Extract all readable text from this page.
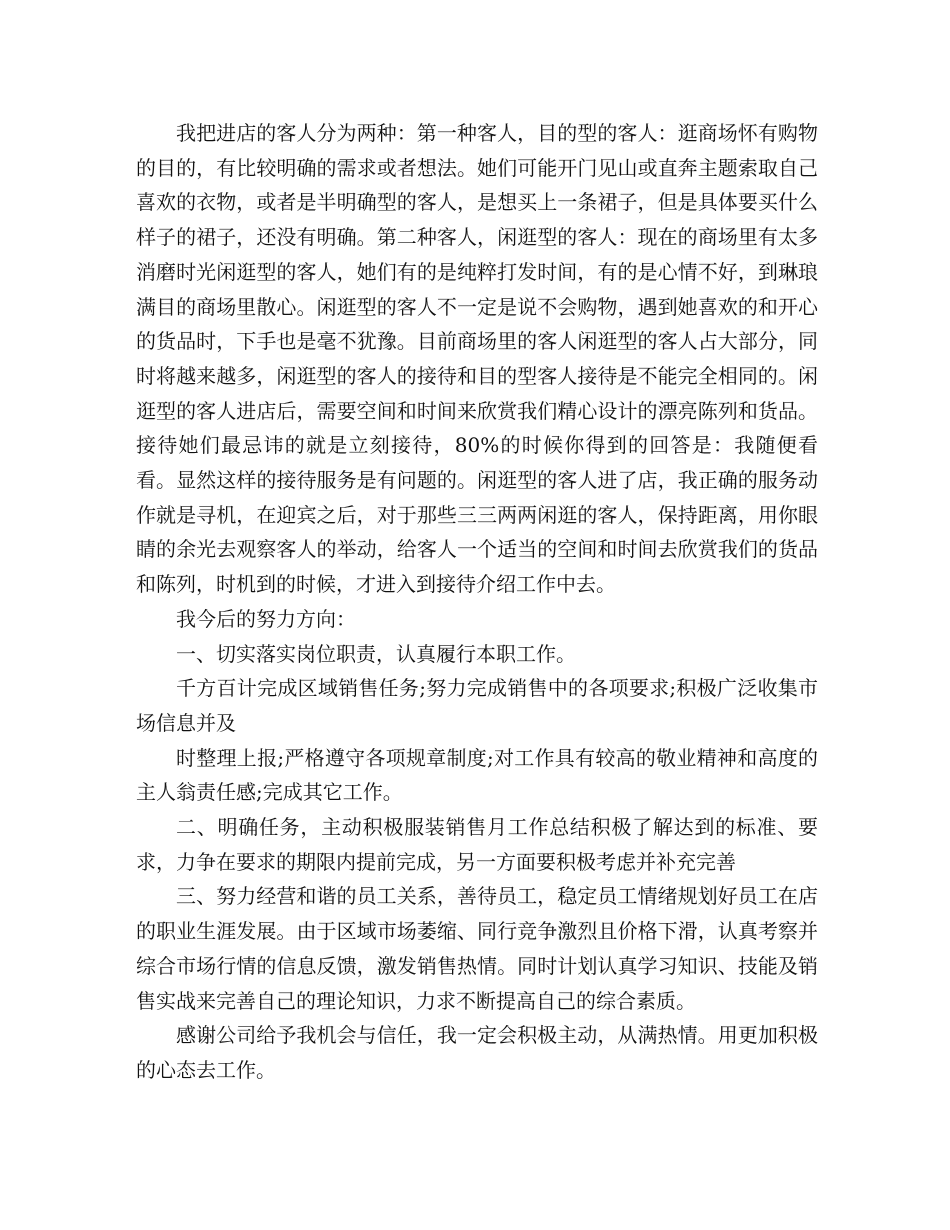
我把进店的客人分为两种：第一种客人，目的型的客人：逛商场怀有购物的目的，有比较明确的需求或者想法。她们可能开门见山或直奔主题索取自己喜欢的衣物，或者是半明确型的客人，是想买上一条裙子，但是具体要买什么样子的裙子，还没有明确。第二种客人，闲逛型的客人：现在的商场里有太多消磨时光闲逛型的客人，她们有的是纯粹打发时间，有的是心情不好，到琳琅满目的商场里散心。闲逛型的客人不一定是说不会购物，遇到她喜欢的和开心的货品时，下手也是毫不犹豫。目前商场里的客人闲逛型的客人占大部分，同时将越来越多，闲逛型的客人的接待和目的型客人接待是不能完全相同的。闲逛型的客人进店后，需要空间和时间来欣赏我们精心设计的漂亮陈列和货品。接待她们最忌讳的就是立刻接待，80%的时候你得到的回答是：我随便看看。显然这样的接待服务是有问题的。闲逛型的客人进了店，我正确的服务动作就是寻机，在迎宾之后，对于那些三三两两闲逛的客人，保持距离，用你眼睛的余光去观察客人的举动，给客人一个适当的空间和时间去欣赏我们的货品和陈列，时机到的时候，才进入到接待介绍工作中去。

我今后的努力方向：

一、切实落实岗位职责，认真履行本职工作。

千方百计完成区域销售任务;努力完成销售中的各项要求;积极广泛收集市场信息并及

时整理上报;严格遵守各项规章制度;对工作具有较高的敬业精神和高度的主人翁责任感;完成其它工作。

二、明确任务，主动积极服装销售月工作总结积极了解达到的标准、要求，力争在要求的期限内提前完成，另一方面要积极考虑并补充完善

三、努力经营和谐的员工关系，善待员工，稳定员工情绪规划好员工在店的职业生涯发展。由于区域市场萎缩、同行竞争激烈且价格下滑，认真考察并综合市场行情的信息反馈，激发销售热情。同时计划认真学习知识、技能及销售实战来完善自己的理论知识，力求不断提高自己的综合素质。

感谢公司给予我机会与信任，我一定会积极主动，从满热情。用更加积极的心态去工作。
